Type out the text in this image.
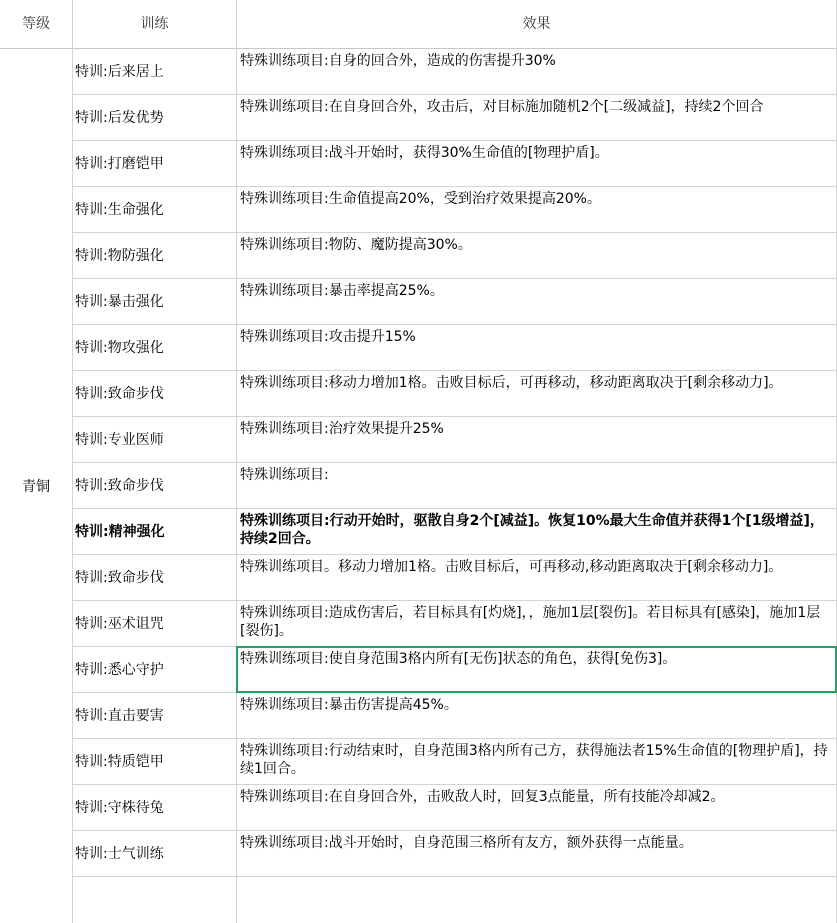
等级	训练	效果
特训:后来居上
特殊训练项目:自身的回合外，造成的伤害提升30%
特训:后发优势
特殊训练项目:在自身回合外，攻击后，对目标施加随机2个[二级减益]，持续2个回合
特训:打磨铠甲
特殊训练项目:战斗开始时，获得30%生命值的[物理护盾]。
特训:生命强化
特殊训练项目:生命值提高20%，受到治疗效果提高20%。
特训:物防强化
特殊训练项目:物防、魔防提高30%。
特训:暴击强化
特殊训练项目:暴击率提高25%。
特训:物攻强化
特殊训练项目:攻击提升15%
特训:致命步伐
特殊训练项目:移动力增加1格。击败目标后，可再移动，移动距离取决于[剩余移动力]。
特训:专业医师
特殊训练项目:治疗效果提升25%
特训:致命步伐
特殊训练项目:
特训:精神强化
特殊训练项目:行动开始时，驱散自身2个[减益]。恢复10%最大生命值并获得1个[1级增益]，持续2回合。
特训:致命步伐
特殊训练项目。移动力增加1格。击败目标后，可再移动,移动距离取决于[剩余移动力]。
特训:巫术诅咒
特殊训练项目:造成伤害后，若目标具有[灼烧]，，施加1层[裂伤]。若目标具有[感染]，施加1层[裂伤]。
特训:悉心守护
特殊训练项目:使自身范围3格内所有[无伤]状态的角色，获得[免伤3]。
特训:直击要害
特殊训练项目:暴击伤害提高45%。
特训:特质铠甲
特殊训练项目:行动结束时，自身范围3格内所有己方，获得施法者15%生命值的[物理护盾]，持续1回合。
特训:守株待兔
特殊训练项目:在自身回合外，击败敌人时，回复3点能量，所有技能冷却减2。
特训:士气训练
特殊训练项目:战斗开始时，自身范围三格所有友方，额外获得一点能量。
青铜
